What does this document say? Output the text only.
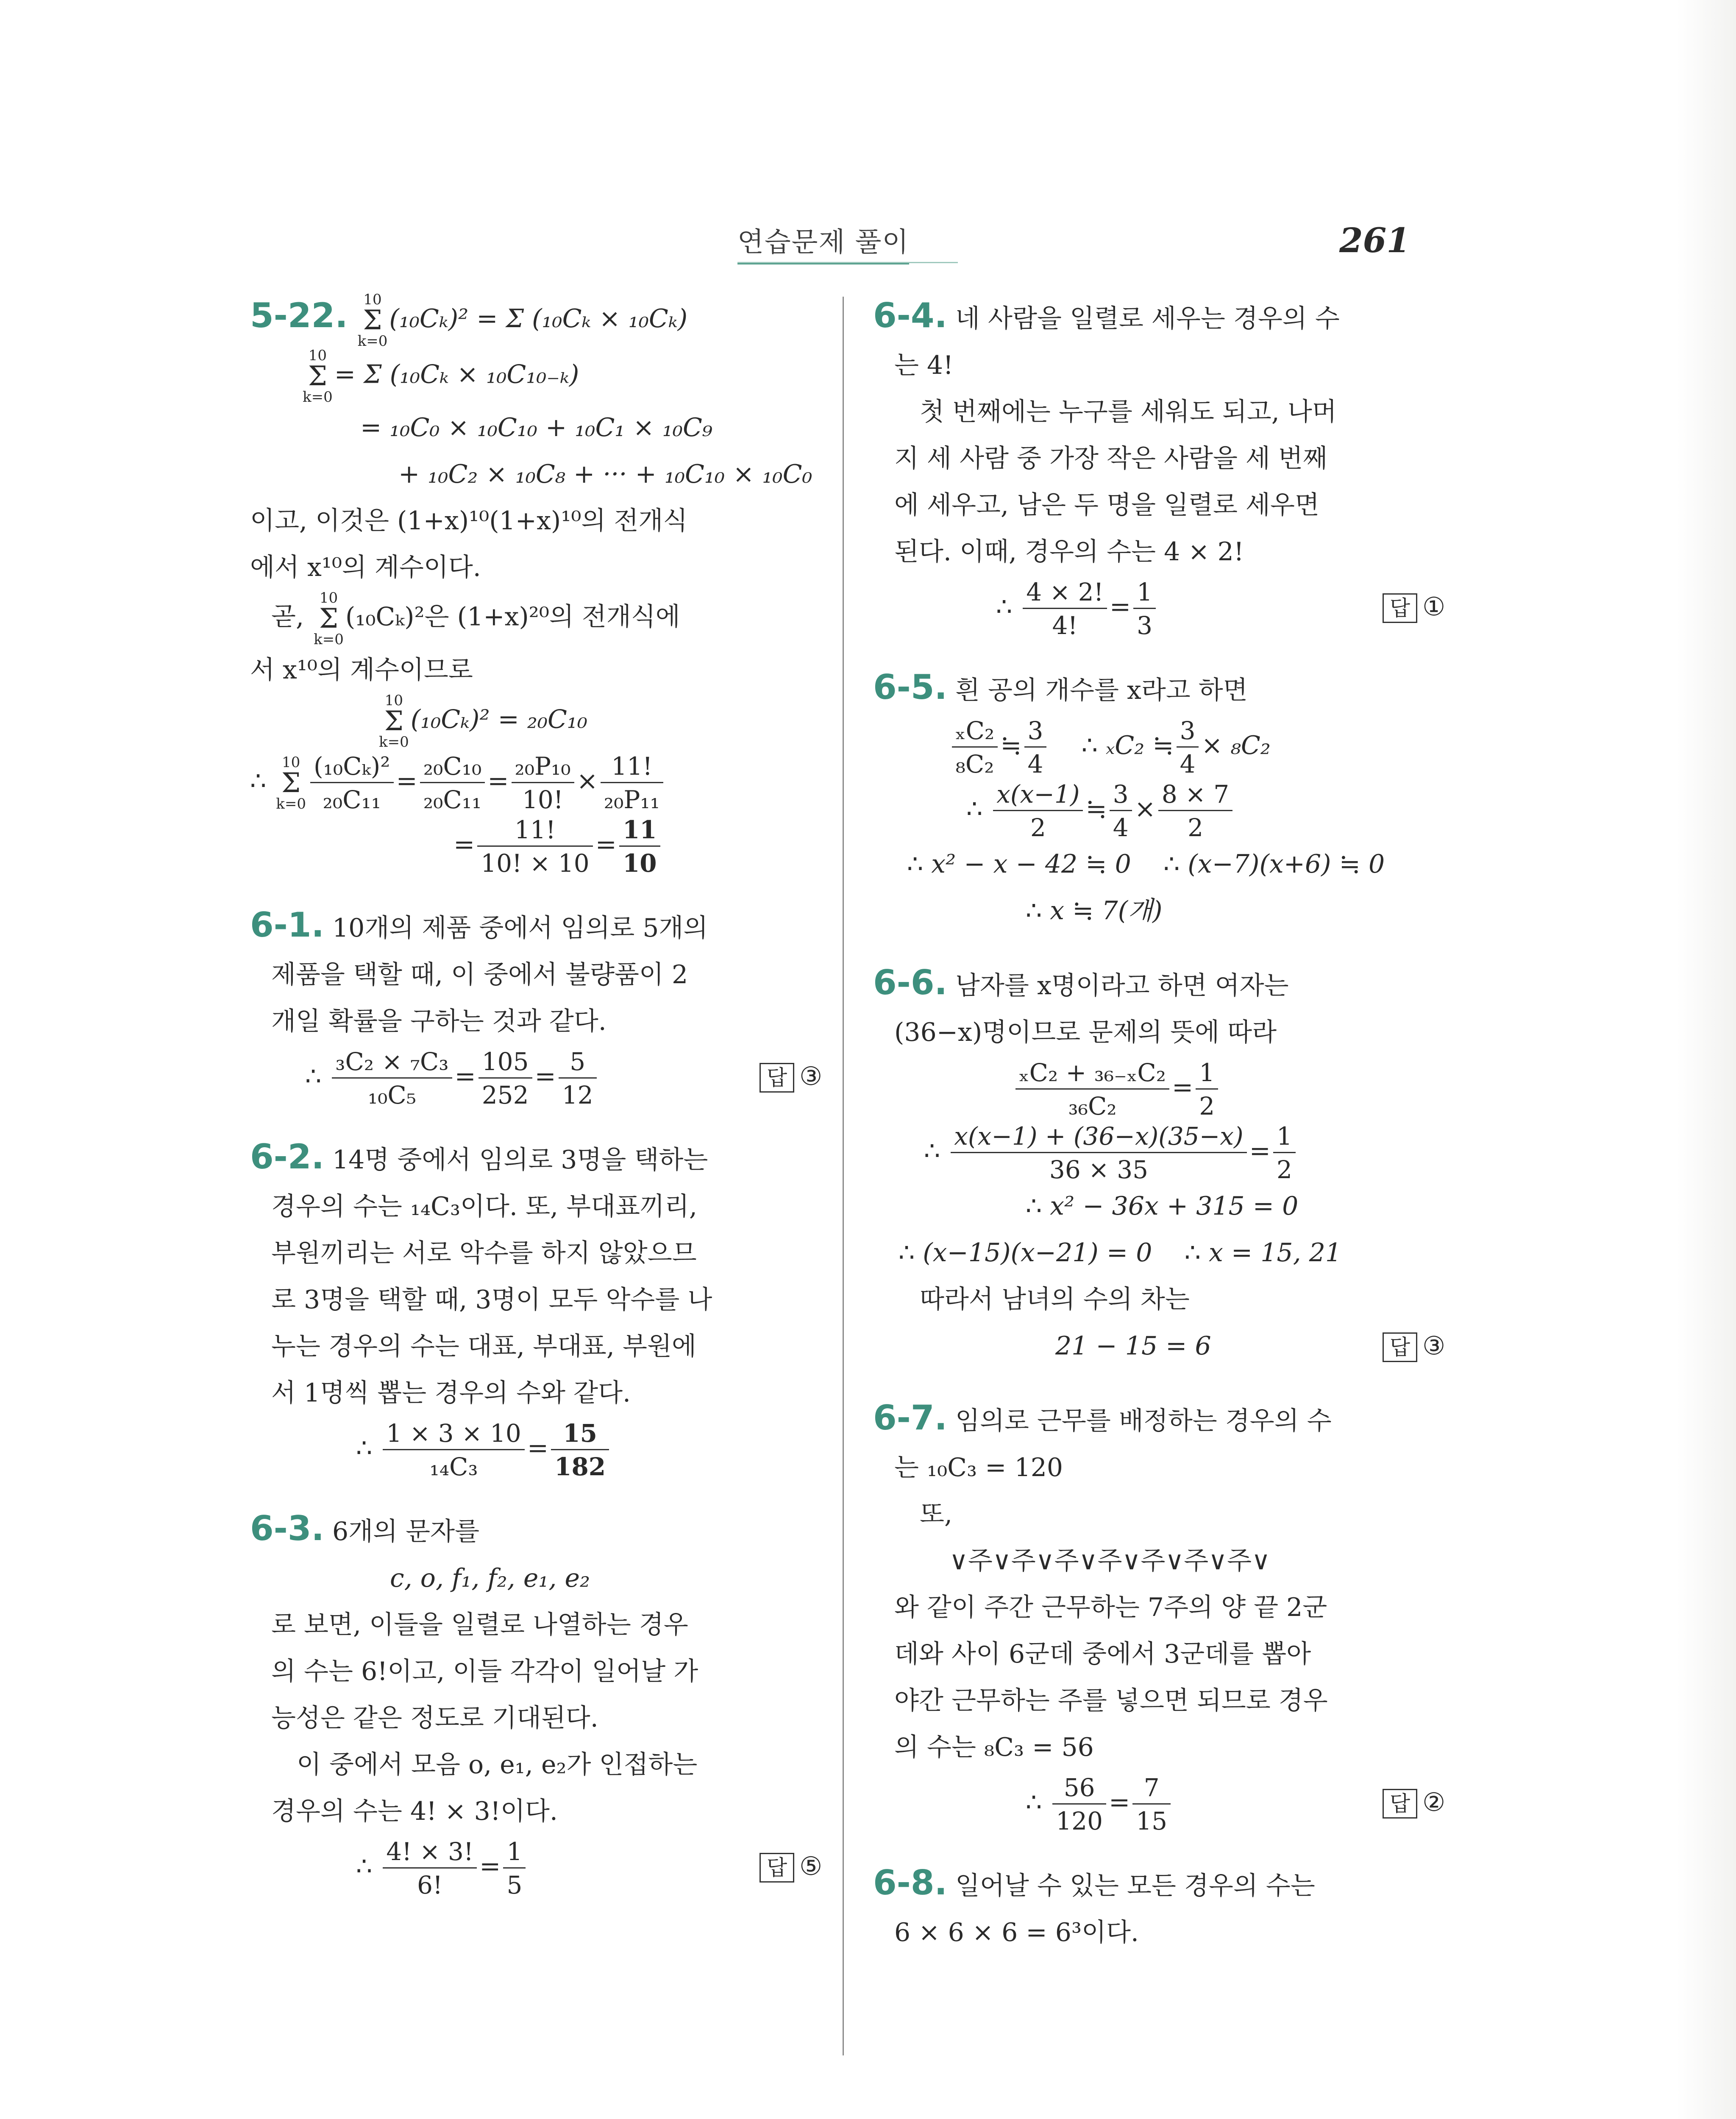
연습문제 풀이	261
5-22.	10
Σ
k=0
(₁₀Cₖ)² = Σ (₁₀Cₖ × ₁₀Cₖ)
10
Σ
k=0
= Σ (₁₀Cₖ × ₁₀C₁₀₋ₖ)
= ₁₀C₀ × ₁₀C₁₀ + ₁₀C₁ × ₁₀C₉
+ ₁₀C₂ × ₁₀C₈ + ··· + ₁₀C₁₀ × ₁₀C₀
이고, 이것은 (1+x)¹⁰(1+x)¹⁰의 전개식
에서 x¹⁰의 계수이다.
곧,
10
Σ
k=0
(₁₀Cₖ)²은 (1+x)²⁰의 전개식에
서 x¹⁰의 계수이므로
10
Σ
k=0
(₁₀Cₖ)² = ₂₀C₁₀
∴
10
Σ
$k=0 \frac{\text{(₁₀Cₖ)²}}{\text{₂₀C₁₁}} = \frac{\text{₂₀C₁₀}}{\text{₂₀C₁₁}} = \frac{\text{₂₀P₁₀}}{10!} \times \frac{11!}{\text{₂₀P₁₁}}$
= $\frac{11!}{10! \times 10} = \frac{11}{10}$
6-1. 10개의 제품 중에서 임의로 5개의
제품을 택할 때, 이 중에서 불량품이 2
개일 확률을 구하는 것과 같다.
∴ $\frac{\text{₃C₂ × ₇C₃}}{\text{₁₀C₅}} = \frac{105}{252} = \frac{5}{12}$	답 ③
6-2. 14명 중에서 임의로 3명을 택하는
경우의 수는 ₁₄C₃이다. 또, 부대표끼리,
부원끼리는 서로 악수를 하지 않았으므
로 3명을 택할 때, 3명이 모두 악수를 나
누는 경우의 수는 대표, 부대표, 부원에
서 1명씩 뽑는 경우의 수와 같다.
∴ $\frac{1 \times 3 \times 10}{\text{₁₄C₃}} = \frac{15}{182}$
6-3. 6개의 문자를
c, o, f₁, f₂, e₁, e₂
로 보면, 이들을 일렬로 나열하는 경우
의 수는 6!이고, 이들 각각이 일어날 가
능성은 같은 정도로 기대된다.
이 중에서 모음 o, e₁, e₂가 인접하는
경우의 수는 4! × 3!이다.
∴ $\frac{4! \times 3!}{6!} = \frac{1}{5}$	답 ⑤
6-4. 네 사람을 일렬로 세우는 경우의 수
는 4!
첫 번째에는 누구를 세워도 되고, 나머
지 세 사람 중 가장 작은 사람을 세 번째
에 세우고, 남은 두 명을 일렬로 세우면
된다. 이때, 경우의 수는 4 × 2!
∴ $\frac{4 \times 2!}{4!} = \frac{1}{3}$	답 ①
6-5. 흰 공의 개수를 x라고 하면
$\frac{\text{ₓC₂}}{\text{₈C₂}}$ ≒ $\frac{3}{4}$ ∴ ₓC₂ ≒ $\frac{3}{4} \times _8C_2$
∴ $\frac{x(x-1)}{2}$ ≒ $\frac{3}{4} \times \frac{8 \times 7}{2}$
∴ x² − x − 42 ≒ 0 ∴ (x−7)(x+6) ≒ 0
∴ x ≒ 7(개)
6-6. 남자를 x명이라고 하면 여자는
(36−x)명이므로 문제의 뜻에 따라
$\frac{\text{ₓC₂ + ₃₆₋ₓC₂}}{\text{₃₆C₂}} = \frac{1}{2}$
∴ $\frac{x(x-1) + (36-x)(35-x)}{36 \times 35} = \frac{1}{2}$
∴ x² − 36x + 315 = 0
∴ (x−15)(x−21) = 0 ∴ x = 15, 21
따라서 남녀의 수의 차는
21 − 15 = 6	답 ③
6-7. 임의로 근무를 배정하는 경우의 수
는 ₁₀C₃ = 120
또,
∨주∨주∨주∨주∨주∨주∨주∨
와 같이 주간 근무하는 7주의 양 끝 2군
데와 사이 6군데 중에서 3군데를 뽑아
야간 근무하는 주를 넣으면 되므로 경우
의 수는 ₈C₃ = 56
∴ $\frac{56}{120} = \frac{7}{15}$	답 ②
6-8. 일어날 수 있는 모든 경우의 수는
6 × 6 × 6 = 6³이다.
